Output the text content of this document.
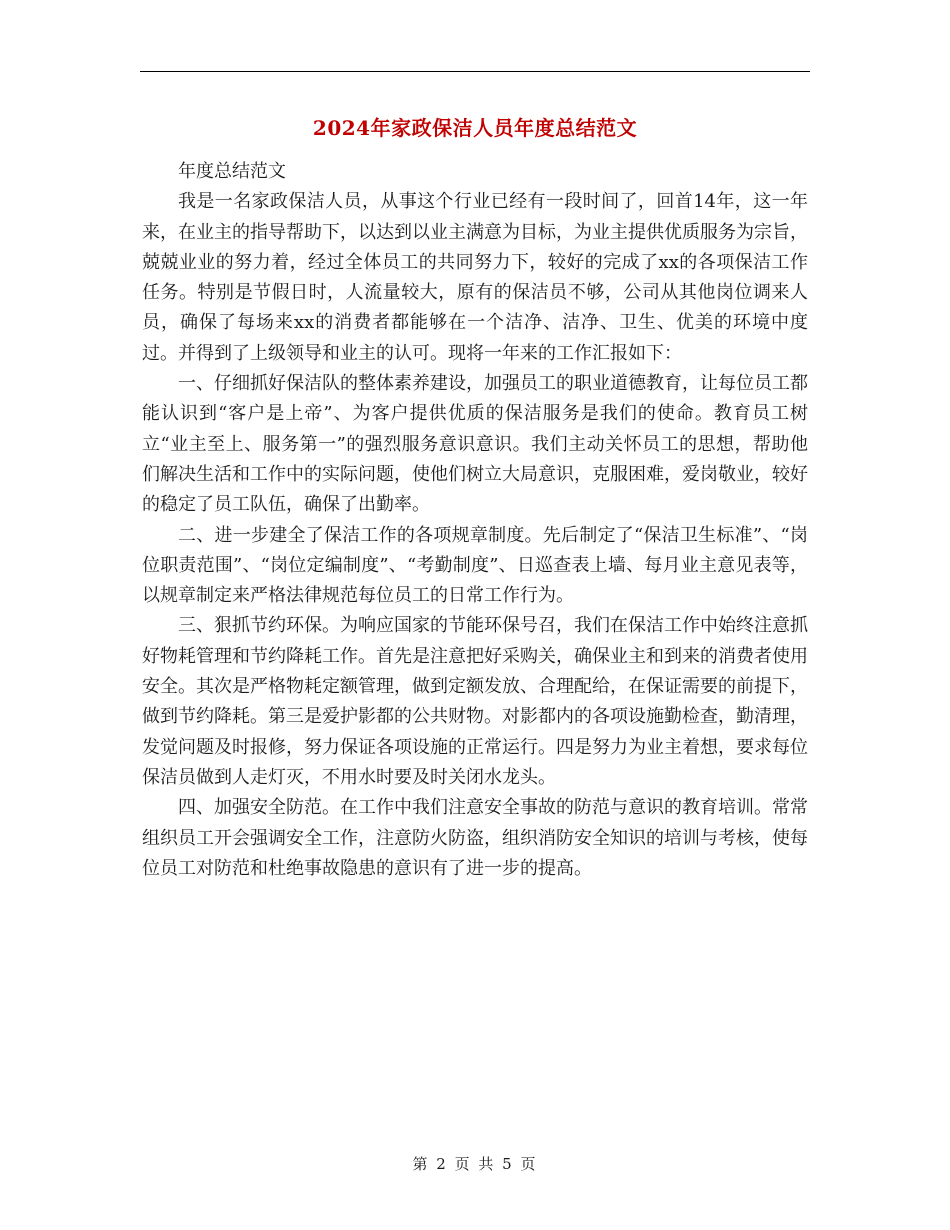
2024年家政保洁人员年度总结范文

年度总结范文

我是一名家政保洁人员，从事这个行业已经有一段时间了，回首14年，这一年来，在业主的指导帮助下，以达到以业主满意为目标，为业主提供优质服务为宗旨，兢兢业业的努力着，经过全体员工的共同努力下，较好的完成了xx的各项保洁工作任务。特别是节假日时，人流量较大，原有的保洁员不够，公司从其他岗位调来人员，确保了每场来xx的消费者都能够在一个洁净、洁净、卫生、优美的环境中度过。并得到了上级领导和业主的认可。现将一年来的工作汇报如下：

一、仔细抓好保洁队的整体素养建设，加强员工的职业道德教育，让每位员工都能认识到“客户是上帝”、为客户提供优质的保洁服务是我们的使命。教育员工树立“业主至上、服务第一”的强烈服务意识意识。我们主动关怀员工的思想，帮助他们解决生活和工作中的实际问题，使他们树立大局意识，克服困难，爱岗敬业，较好的稳定了员工队伍，确保了出勤率。

二、进一步建全了保洁工作的各项规章制度。先后制定了“保洁卫生标准”、“岗位职责范围”、“岗位定编制度”、“考勤制度”、日巡查表上墙、每月业主意见表等，以规章制定来严格法律规范每位员工的日常工作行为。

三、狠抓节约环保。为响应国家的节能环保号召，我们在保洁工作中始终注意抓好物耗管理和节约降耗工作。首先是注意把好采购关，确保业主和到来的消费者使用安全。其次是严格物耗定额管理，做到定额发放、合理配给，在保证需要的前提下，做到节约降耗。第三是爱护影都的公共财物。对影都内的各项设施勤检查，勤清理，发觉问题及时报修，努力保证各项设施的正常运行。四是努力为业主着想，要求每位保洁员做到人走灯灭，不用水时要及时关闭水龙头。

四、加强安全防范。在工作中我们注意安全事故的防范与意识的教育培训。常常组织员工开会强调安全工作，注意防火防盗，组织消防安全知识的培训与考核，使每位员工对防范和杜绝事故隐患的意识有了进一步的提高。

第 2 页 共 5 页
